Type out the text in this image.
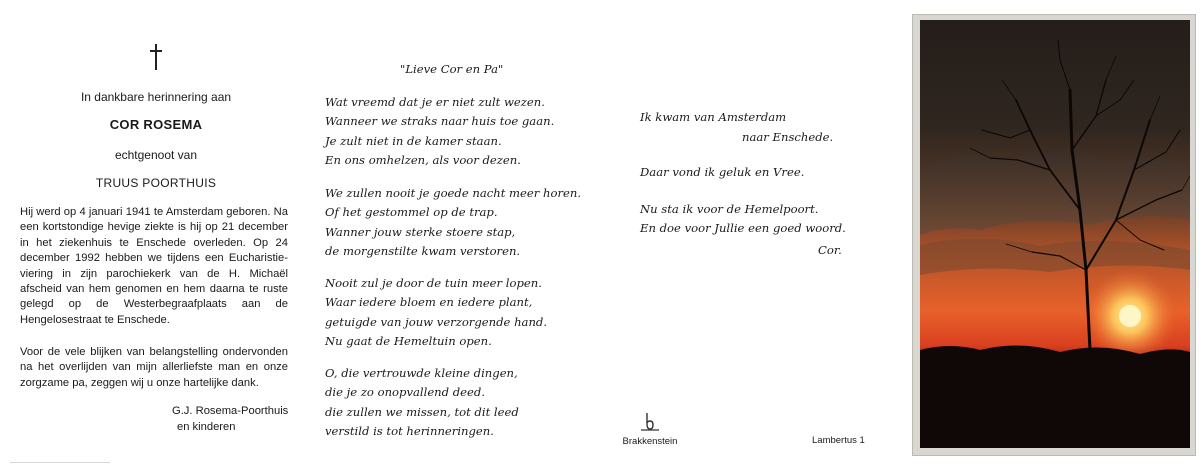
In dankbare herinnering aan
COR ROSEMA
echtgenoot van
TRUUS POORTHUIS

Hij werd op 4 januari 1941 te Amsterdam geboren. Na een kortstondige hevige ziekte is hij op 21 december in het ziekenhuis te Enschede overleden. Op 24 december 1992 hebben we tijdens een Eucharistie-viering in zijn parochiekerk van de H. Michaël afscheid van hem genomen en hem daarna te ruste gelegd op de Westerbegraafplaats aan de Hengelosestraat te Enschede.

Voor de vele blijken van belangstelling ondervonden na het overlijden van mijn allerliefste man en onze zorgzame pa, zeggen wij u onze hartelijke dank.

G.J. Rosema-Poorthuis
en kinderen
"Lieve Cor en Pa"
Wat vreemd dat je er niet zult wezen.
Wanneer we straks naar huis toe gaan.
Je zult niet in de kamer staan.
En ons omhelzen, als voor dezen.
We zullen nooit je goede nacht meer horen.
Of het gestommel op de trap.
Wanner jouw sterke stoere stap,
de morgenstilte kwam verstoren.
Nooit zul je door de tuin meer lopen.
Waar iedere bloem en iedere plant,
getuigde van jouw verzorgende hand.
Nu gaat de Hemeltuin open.
O, die vertrouwde kleine dingen,
die je zo onopvallend deed.
die zullen we missen, tot dit leed
verstild is tot herinneringen.
Ik kwam van Amsterdam
naar Enschede.
Daar vond ik geluk en Vree.
Nu sta ik voor de Hemelpoort.
En doe voor Jullie een goed woord.
Cor.
Brakkenstein	Lambertus 1
